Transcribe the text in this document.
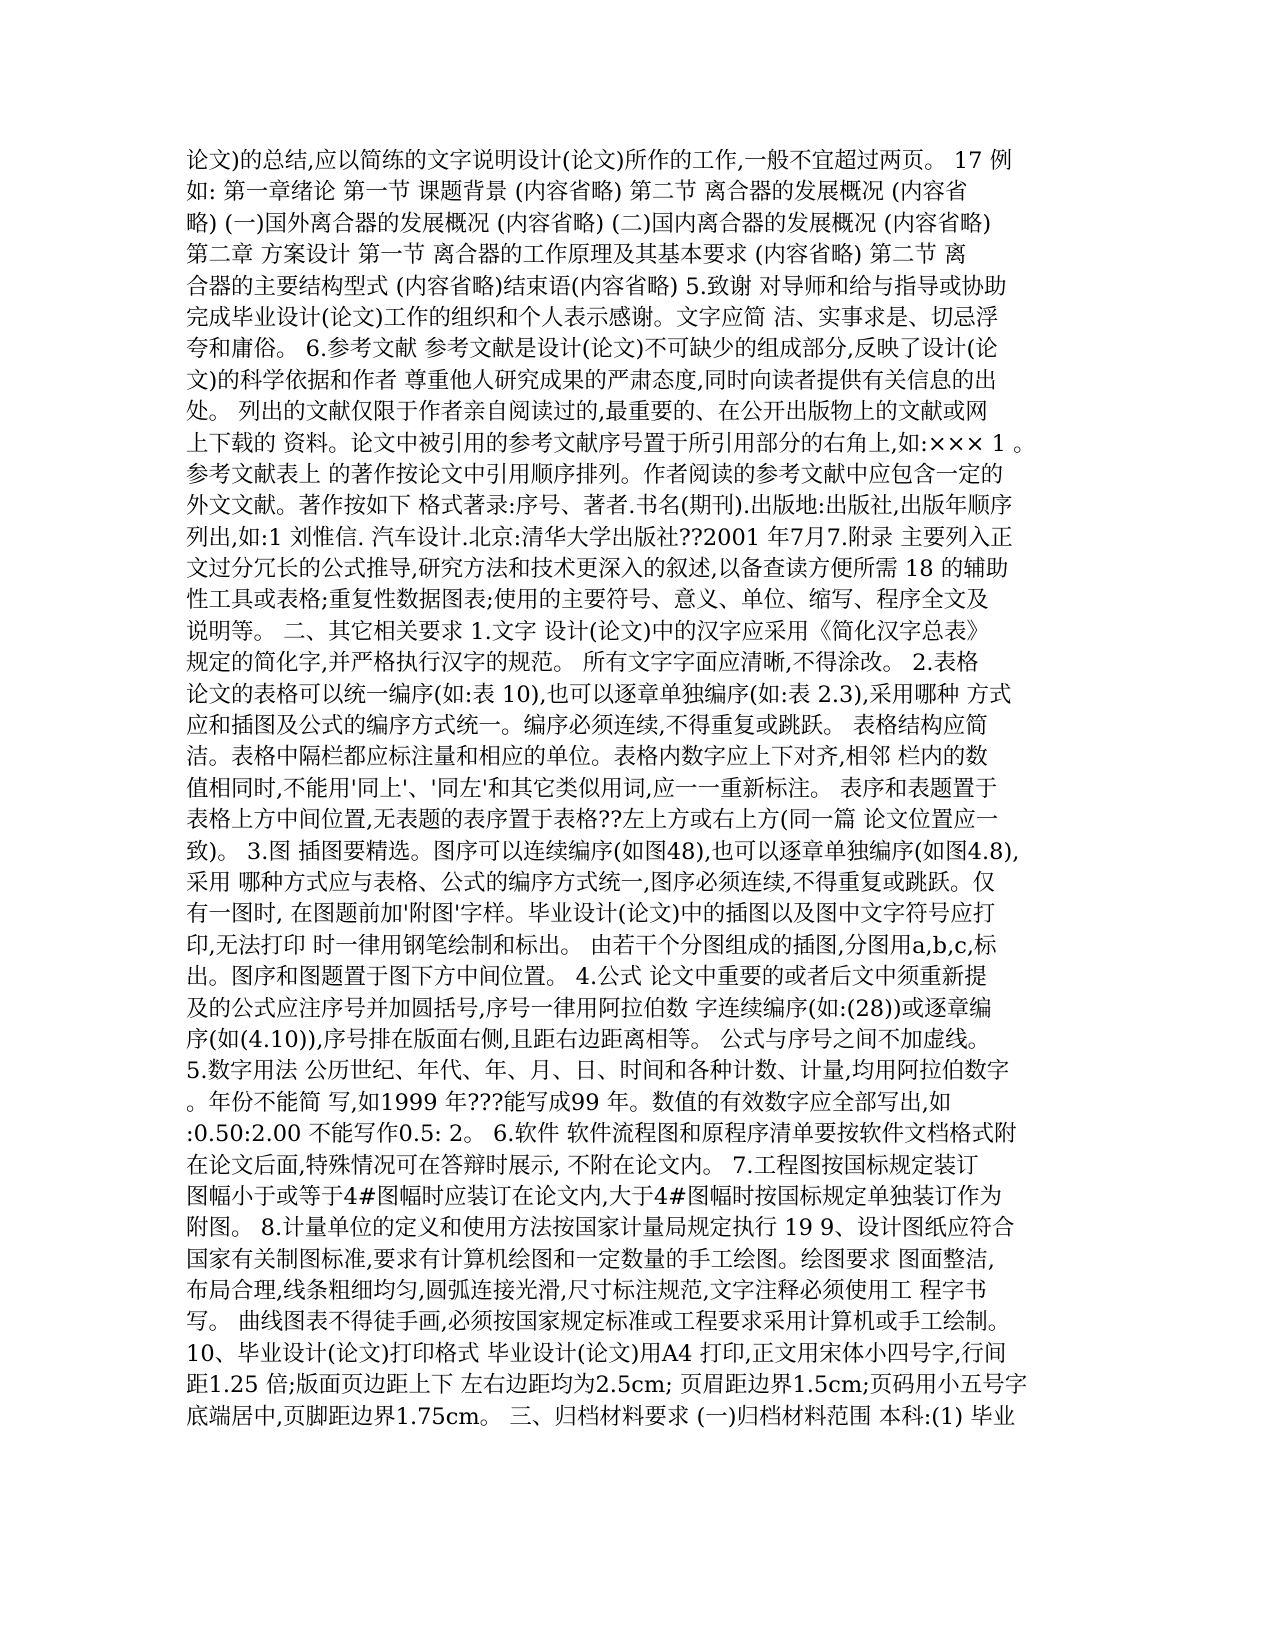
论文)的总结,应以简练的文字说明设计(论文)所作的工作,一般不宜超过两页。 17 例
如: 第一章绪论 第一节 课题背景 (内容省略) 第二节 离合器的发展概况 (内容省
略) (一)国外离合器的发展概况 (内容省略) (二)国内离合器的发展概况 (内容省略)
第二章 方案设计 第一节 离合器的工作原理及其基本要求 (内容省略) 第二节 离
合器的主要结构型式 (内容省略)结束语(内容省略) 5.致谢 对导师和给与指导或协助
完成毕业设计(论文)工作的组织和个人表示感谢。文字应简 洁、实事求是、切忌浮
夸和庸俗。 6.参考文献 参考文献是设计(论文)不可缺少的组成部分,反映了设计(论
文)的科学依据和作者 尊重他人研究成果的严肃态度,同时向读者提供有关信息的出
处。 列出的文献仅限于作者亲自阅读过的,最重要的、在公开出版物上的文献或网
上下载的 资料。论文中被引用的参考文献序号置于所引用部分的右角上,如:××× 1 。
参考文献表上 的著作按论文中引用顺序排列。作者阅读的参考文献中应包含一定的
外文文献。著作按如下 格式著录:序号、著者.书名(期刊).出版地:出版社,出版年顺序
列出,如:1 刘惟信. 汽车设计.北京:清华大学出版社??2001 年7月7.附录 主要列入正
文过分冗长的公式推导,研究方法和技术更深入的叙述,以备查读方便所需 18 的辅助
性工具或表格;重复性数据图表;使用的主要符号、意义、单位、缩写、程序全文及
说明等。 二、其它相关要求 1.文字 设计(论文)中的汉字应采用《简化汉字总表》
规定的简化字,并严格执行汉字的规范。 所有文字字面应清晰,不得涂改。 2.表格
论文的表格可以统一编序(如:表 10),也可以逐章单独编序(如:表 2.3),采用哪种 方式
应和插图及公式的编序方式统一。编序必须连续,不得重复或跳跃。 表格结构应简
洁。表格中隔栏都应标注量和相应的单位。表格内数字应上下对齐,相邻 栏内的数
值相同时,不能用'同上'、'同左'和其它类似用词,应一一重新标注。 表序和表题置于
表格上方中间位置,无表题的表序置于表格??左上方或右上方(同一篇 论文位置应一
致)。 3.图 插图要精选。图序可以连续编序(如图48),也可以逐章单独编序(如图4.8),
采用 哪种方式应与表格、公式的编序方式统一,图序必须连续,不得重复或跳跃。仅
有一图时, 在图题前加'附图'字样。毕业设计(论文)中的插图以及图中文字符号应打
印,无法打印 时一律用钢笔绘制和标出。 由若干个分图组成的插图,分图用a,b,c,标
出。图序和图题置于图下方中间位置。 4.公式 论文中重要的或者后文中须重新提
及的公式应注序号并加圆括号,序号一律用阿拉伯数 字连续编序(如:(28))或逐章编
序(如(4.10)),序号排在版面右侧,且距右边距离相等。 公式与序号之间不加虚线。
5.数字用法 公历世纪、年代、年、月、日、时间和各种计数、计量,均用阿拉伯数字
。年份不能简 写,如1999 年???能写成99 年。数值的有效数字应全部写出,如
:0.50:2.00 不能写作0.5: 2。 6.软件 软件流程图和原程序清单要按软件文档格式附
在论文后面,特殊情况可在答辩时展示, 不附在论文内。 7.工程图按国标规定装订
图幅小于或等于4#图幅时应装订在论文内,大于4#图幅时按国标规定单独装订作为
附图。 8.计量单位的定义和使用方法按国家计量局规定执行 19 9、设计图纸应符合
国家有关制图标准,要求有计算机绘图和一定数量的手工绘图。绘图要求 图面整洁,
布局合理,线条粗细均匀,圆弧连接光滑,尺寸标注规范,文字注释必须使用工 程字书
写。 曲线图表不得徒手画,必须按国家规定标准或工程要求采用计算机或手工绘制。
10、毕业设计(论文)打印格式 毕业设计(论文)用A4 打印,正文用宋体小四号字,行间
距1.25 倍;版面页边距上下 左右边距均为2.5cm; 页眉距边界1.5cm;页码用小五号字
底端居中,页脚距边界1.75cm。 三、归档材料要求 (一)归档材料范围 本科:(1) 毕业
